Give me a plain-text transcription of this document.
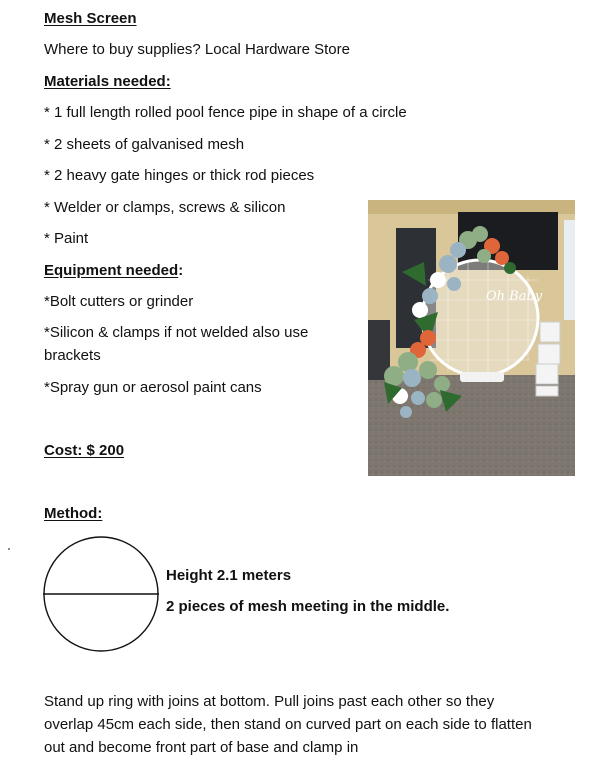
Mesh Screen
Where to buy supplies? Local Hardware Store
Materials needed:
* 1 full length rolled pool fence pipe in shape of a circle
* 2 sheets of galvanised mesh
* 2 heavy gate hinges or thick rod pieces
* Welder or clamps, screws & silicon
* Paint
Equipment needed:
*Bolt cutters or grinder
*Silicon & clamps if not welded also use brackets
*Spray gun or aerosol paint cans
Cost: $ 200
Method:
Height 2.1 meters
2 pieces of mesh meeting in the middle.
Stand up ring with joins at bottom. Pull joins past each other so they overlap 45cm each side, then stand on curved part on each side to flatten out and become front part of base and clamp in
Oh Baby
